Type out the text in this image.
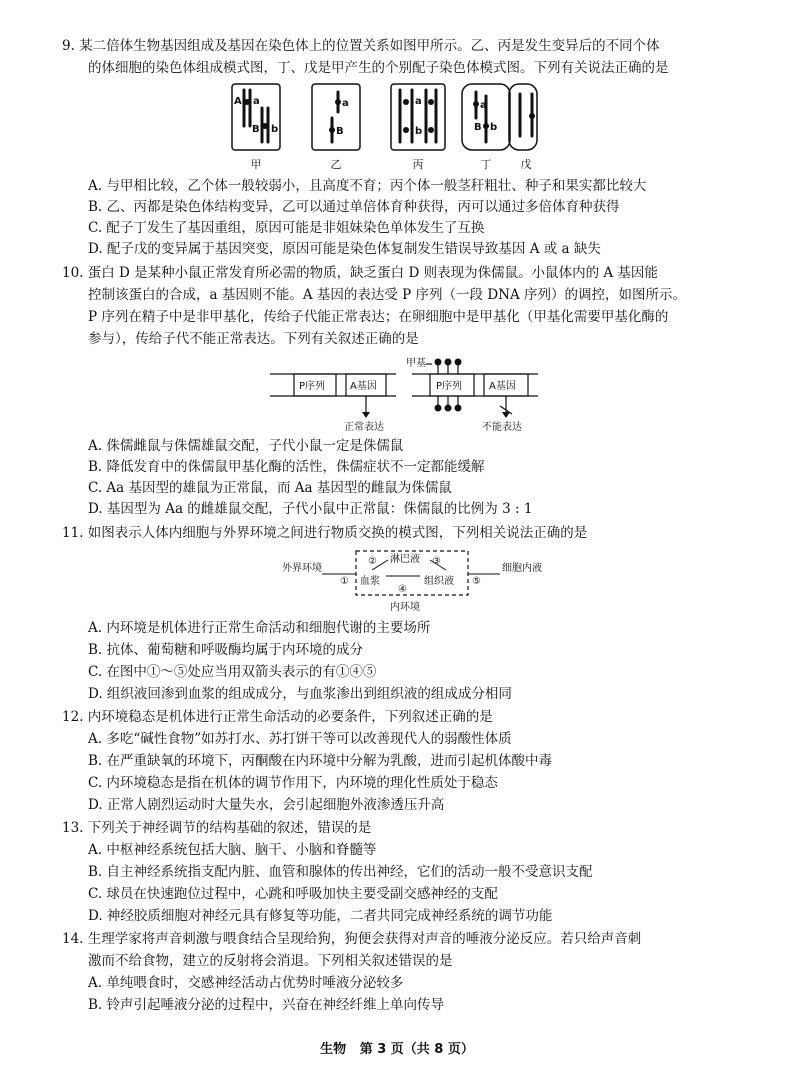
9. 某二倍体生物基因组成及基因在染色体上的位置关系如图甲所示。乙、丙是发生变异后的不同个体
的体细胞的染色体组成模式图，丁、戊是甲产生的个别配子染色体模式图。下列有关说法正确的是
A a
B b
a
B
a
b
a
B b
甲	乙	丙	丁	戊
A. 与甲相比较，乙个体一般较弱小，且高度不育；丙个体一般茎秆粗壮、种子和果实都比较大
B. 乙、丙都是染色体结构变异，乙可以通过单倍体育种获得，丙可以通过多倍体育种获得
C. 配子丁发生了基因重组，原因可能是非姐妹染色单体发生了互换
D. 配子戊的变异属于基因突变，原因可能是染色体复制发生错误导致基因 A 或 a 缺失
10. 蛋白 D 是某种小鼠正常发育所必需的物质，缺乏蛋白 D 则表现为侏儒鼠。小鼠体内的 A 基因能
控制该蛋白的合成，a 基因则不能。A 基因的表达受 P 序列（一段 DNA 序列）的调控，如图所示。
P 序列在精子中是非甲基化，传给子代能正常表达；在卵细胞中是甲基化（甲基化需要甲基化酶的
参与），传给子代不能正常表达。下列有关叙述正确的是
甲基
P序列 A基因	P序列	A基因
正常表达	不能表达
A. 侏儒雌鼠与侏儒雄鼠交配，子代小鼠一定是侏儒鼠
B. 降低发育中的侏儒鼠甲基化酶的活性，侏儒症状不一定都能缓解
C. Aa 基因型的雄鼠为正常鼠，而 Aa 基因型的雌鼠为侏儒鼠
D. 基因型为 Aa 的雌雄鼠交配，子代小鼠中正常鼠：侏儒鼠的比例为 3 : 1
11. 如图表示人体内细胞与外界环境之间进行物质交换的模式图，下列相关说法正确的是
外界环境
①
② 淋巴液 ③
血浆	组织液
④
⑤
细胞内液
内环境
A. 内环境是机体进行正常生命活动和细胞代谢的主要场所
B. 抗体、葡萄糖和呼吸酶均属于内环境的成分
C. 在图中①～⑤处应当用双箭头表示的有①④⑤
D. 组织液回渗到血浆的组成成分，与血浆渗出到组织液的组成成分相同
12. 内环境稳态是机体进行正常生命活动的必要条件，下列叙述正确的是
A. 多吃“碱性食物”如苏打水、苏打饼干等可以改善现代人的弱酸性体质
B. 在严重缺氧的环境下，丙酮酸在内环境中分解为乳酸，进而引起机体酸中毒
C. 内环境稳态是指在机体的调节作用下，内环境的理化性质处于稳态
D. 正常人剧烈运动时大量失水，会引起细胞外液渗透压升高
13. 下列关于神经调节的结构基础的叙述，错误的是
A. 中枢神经系统包括大脑、脑干、小脑和脊髓等
B. 自主神经系统指支配内脏、血管和腺体的传出神经，它们的活动一般不受意识支配
C. 球员在快速跑位过程中，心跳和呼吸加快主要受副交感神经的支配
D. 神经胶质细胞对神经元具有修复等功能，二者共同完成神经系统的调节功能
14. 生理学家将声音刺激与喂食结合呈现给狗，狗便会获得对声音的唾液分泌反应。若只给声音刺
激而不给食物，建立的反射将会消退。下列相关叙述错误的是
A. 单纯喂食时，交感神经活动占优势时唾液分泌较多
B. 铃声引起唾液分泌的过程中，兴奋在神经纤维上单向传导
生物 第 3 页（共 8 页）
